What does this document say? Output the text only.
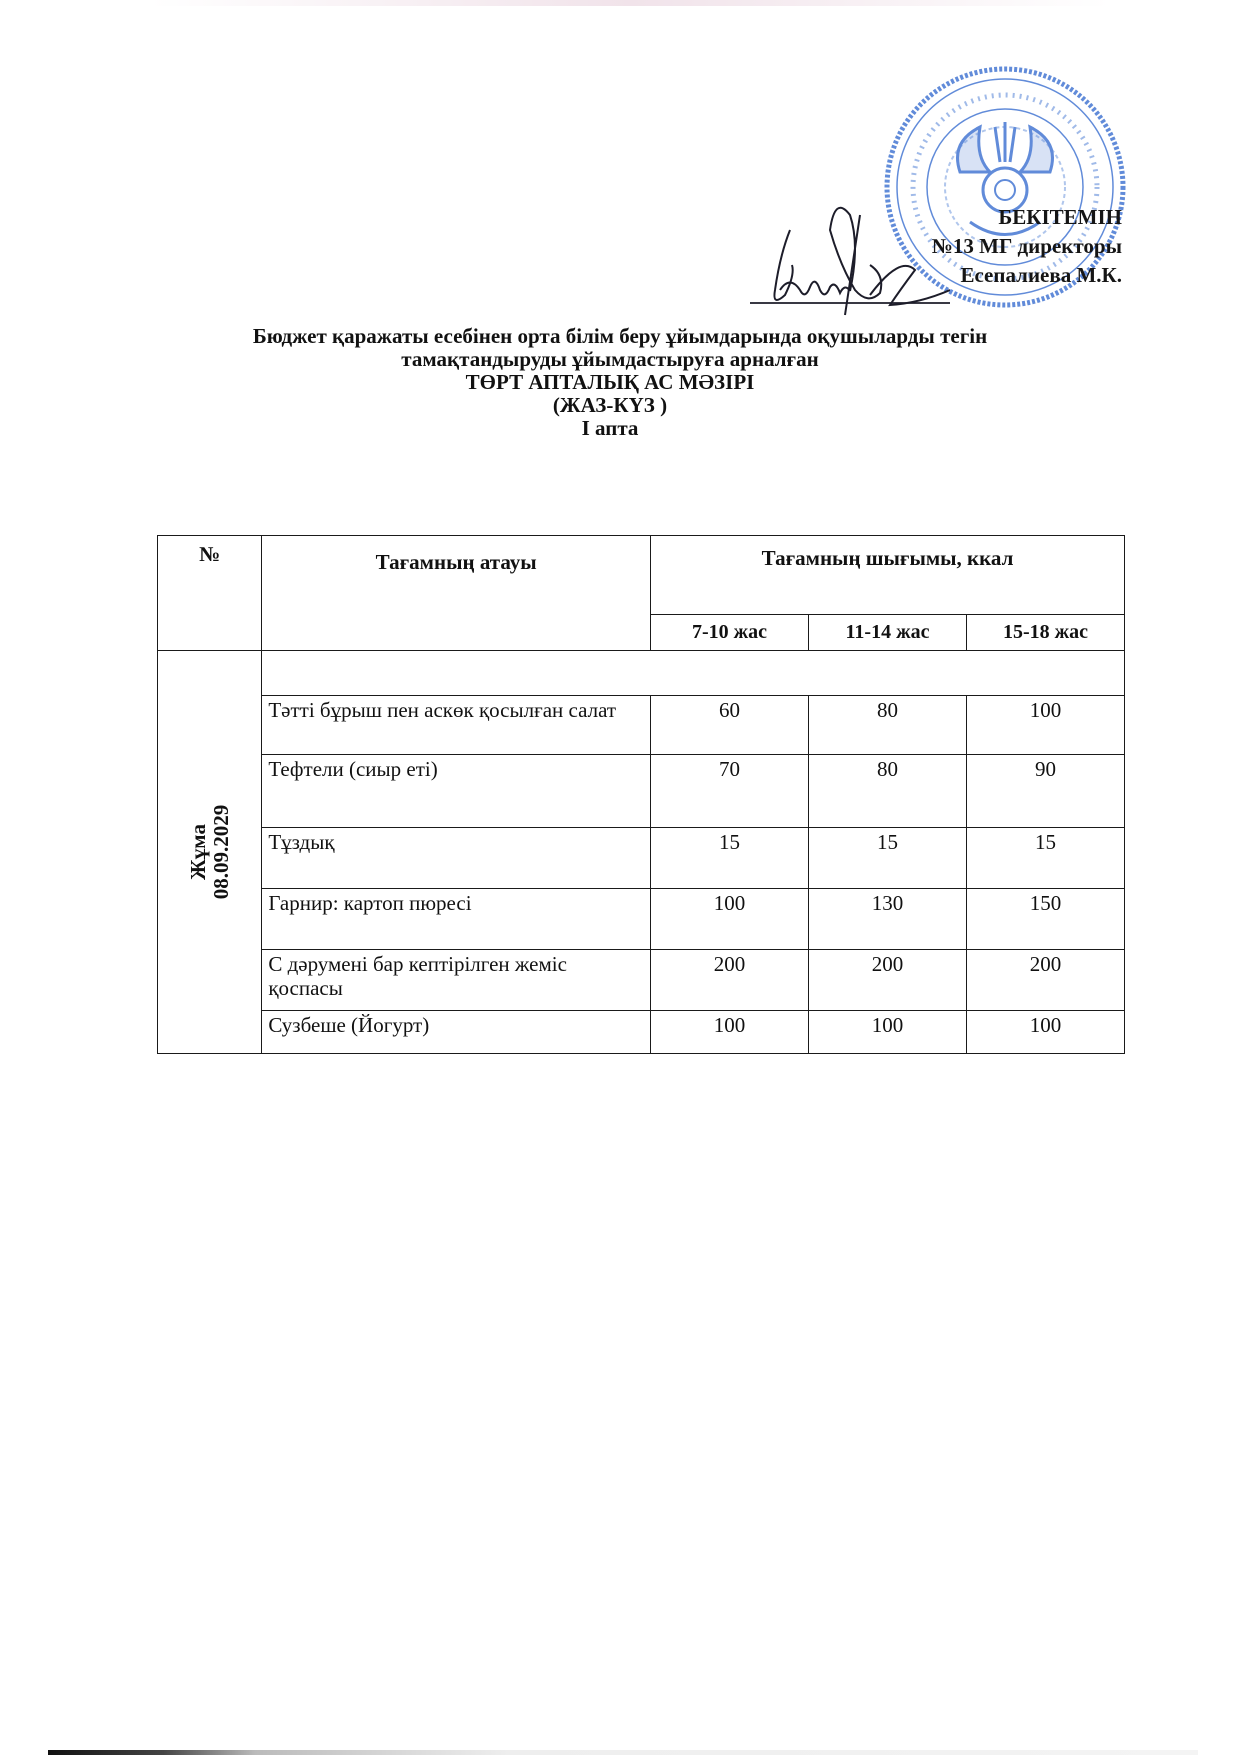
БЕКІТЕМІН
№13 МГ директоры
Есепалиева М.К.
Бюджет қаражаты есебінен орта білім беру ұйымдарында оқушыларды тегін
тамақтандыруды ұйымдастыруға арналған
ТӨРТ АПТАЛЫҚ АС МӘЗІРІ
(ЖАЗ-КҮЗ )
І апта
№	Тағамның атауы	Тағамның шығымы, ккал		
		7-10 жас	11-14 жас	15-18 жас

Жұма 08.09.2029				

	Тәтті бұрыш пен аскөк қосылған салат	60	80	100
	Тефтели (сиыр еті)	70	80	90
	Тұздық	15	15	15
	Гарнир: картоп пюресі	100	130	150
	С дәрумені бар кептірілген жеміс қоспасы	200	200	200
	Сузбеше (Йогурт)	100	100	100
